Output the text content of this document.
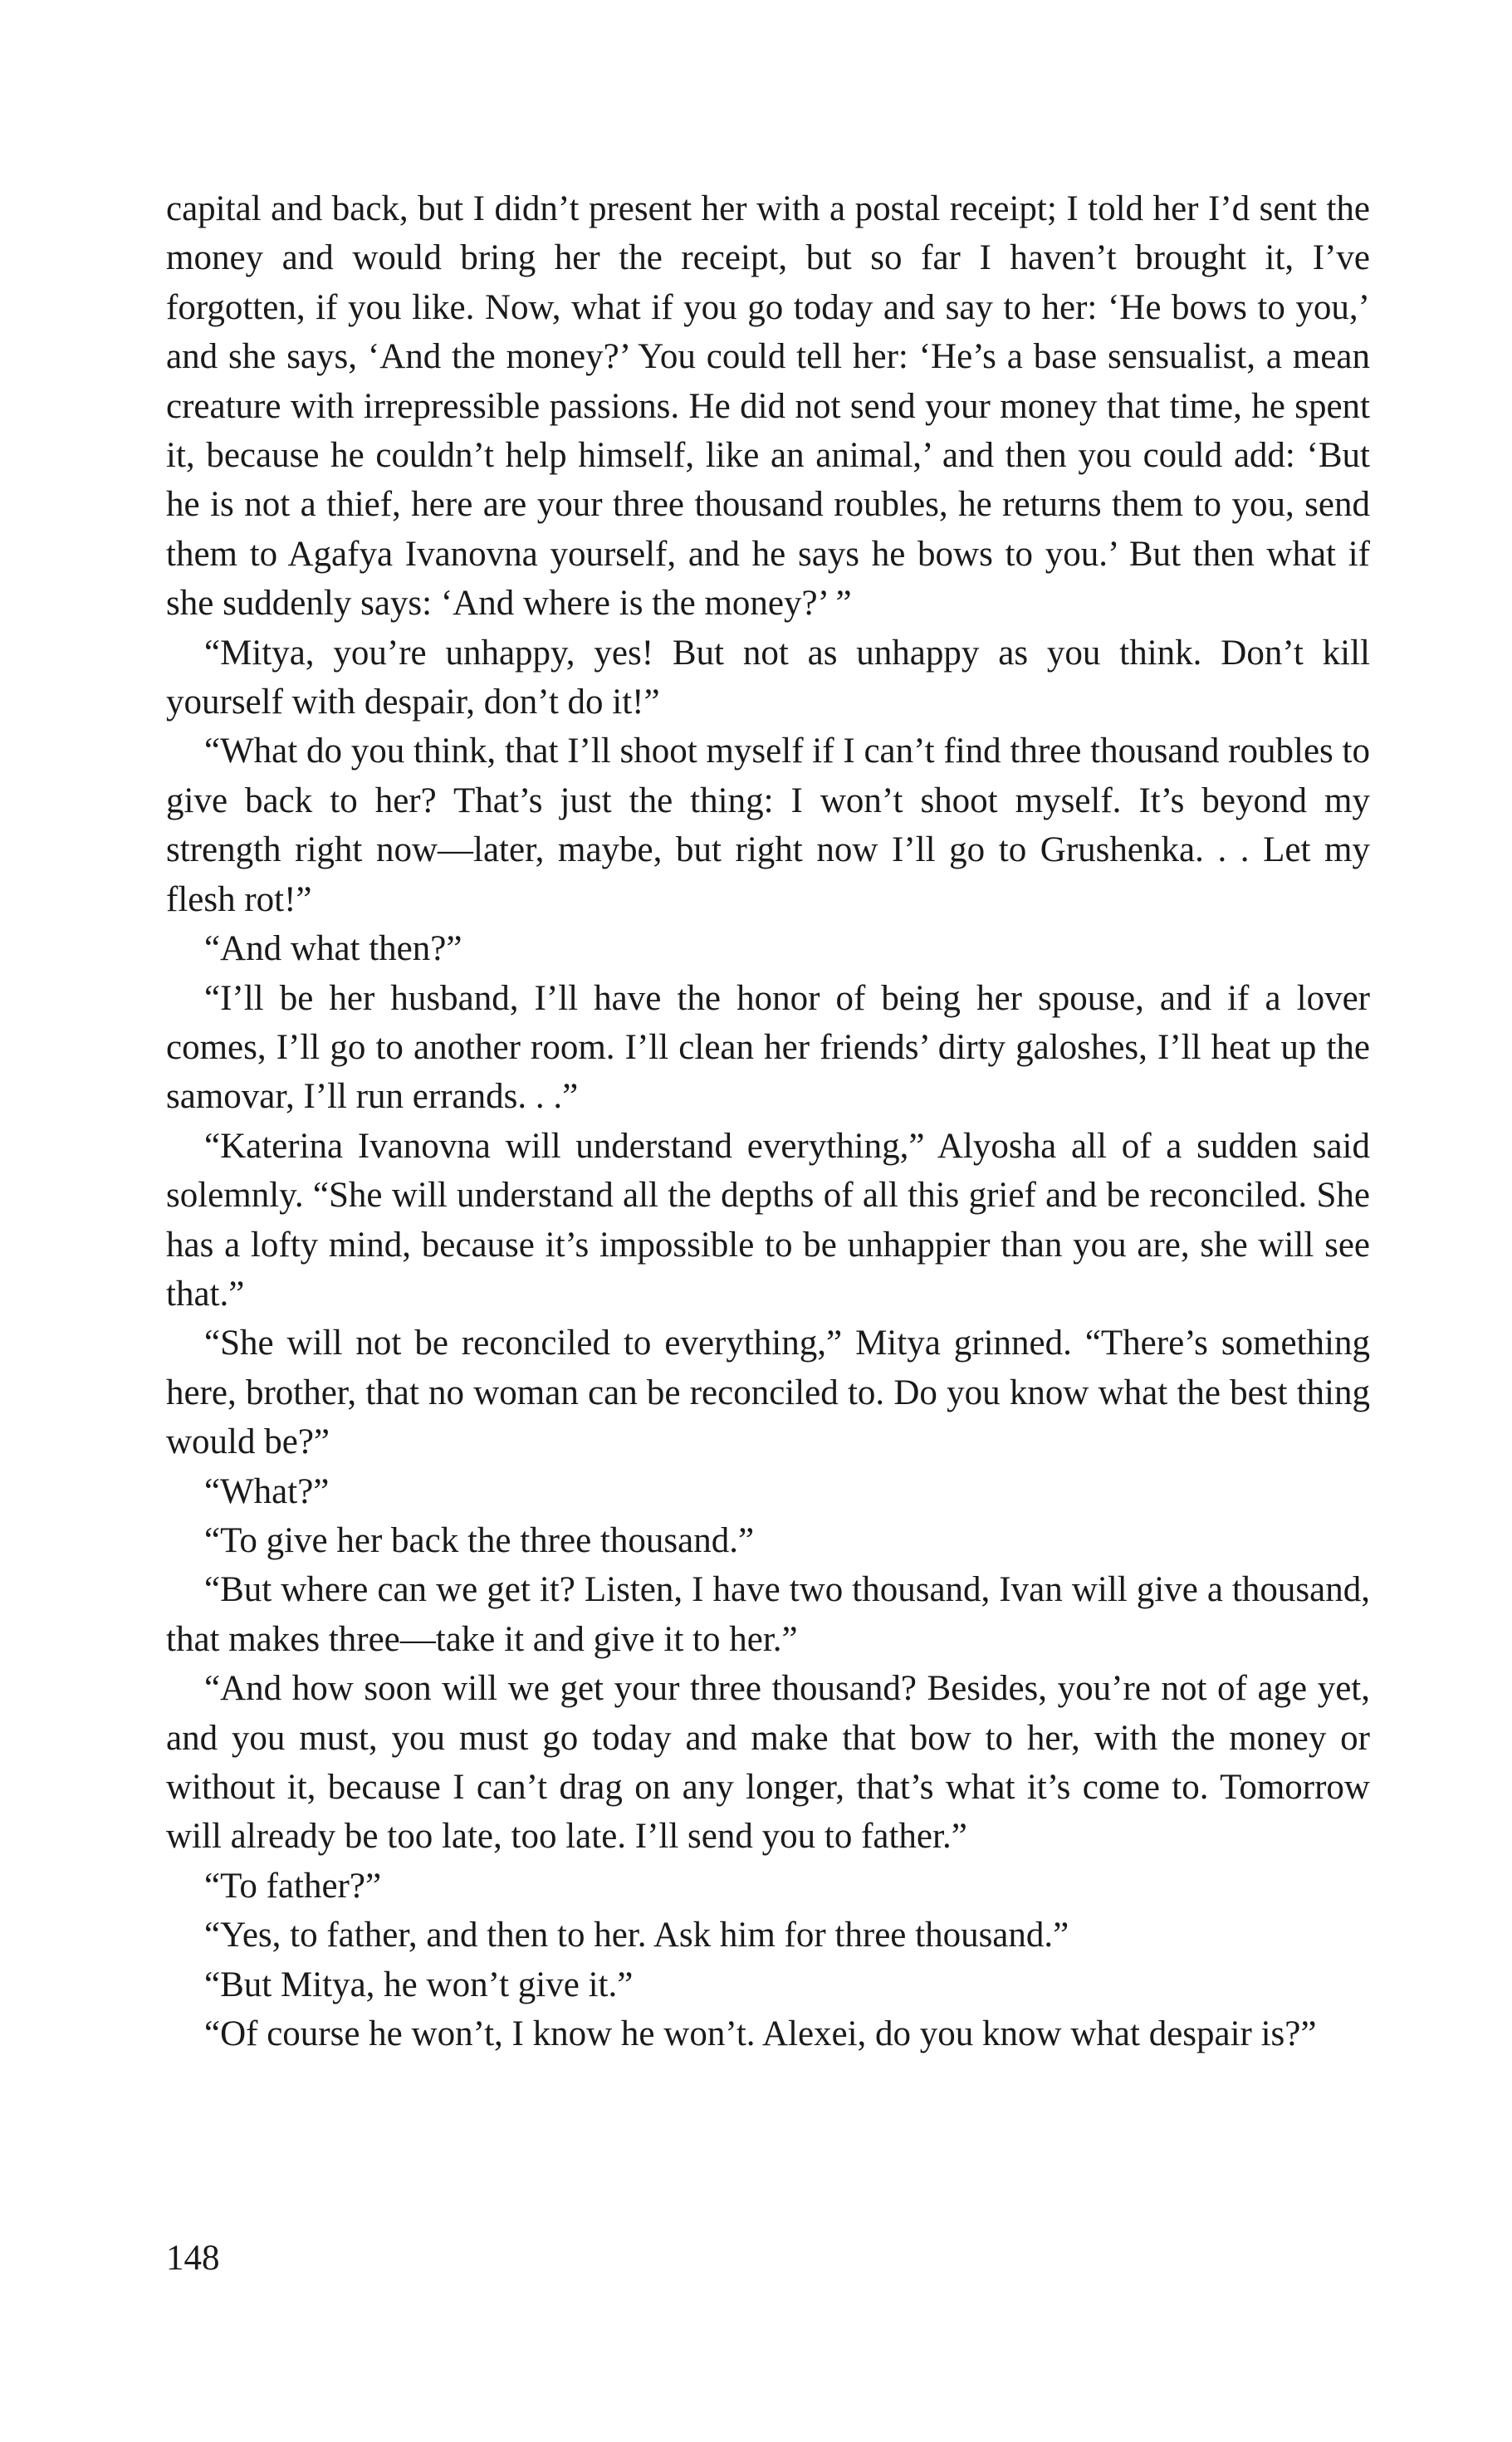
capital and back, but I didn’t present her with a postal receipt; I told her I’d sent the money and would bring her the receipt, but so far I haven’t brought it, I’ve forgotten, if you like. Now, what if you go today and say to her: ‘He bows to you,’ and she says, ‘And the money?’ You could tell her: ‘He’s a base sensualist, a mean creature with irrepressible passions. He did not send your money that time, he spent it, because he couldn’t help himself, like an animal,’ and then you could add: ‘But he is not a thief, here are your three thousand roubles, he returns them to you, send them to Agafya Ivanovna yourself, and he says he bows to you.’ But then what if she suddenly says: ‘And where is the money?’ ”

“Mitya, you’re unhappy, yes! But not as unhappy as you think. Don’t kill yourself with despair, don’t do it!”

“What do you think, that I’ll shoot myself if I can’t find three thousand roubles to give back to her? That’s just the thing: I won’t shoot myself. It’s beyond my strength right now—later, maybe, but right now I’ll go to Grushenka. . . Let my flesh rot!”

“And what then?”

“I’ll be her husband, I’ll have the honor of being her spouse, and if a lover comes, I’ll go to another room. I’ll clean her friends’ dirty galoshes, I’ll heat up the samovar, I’ll run errands. . .”

“Katerina Ivanovna will understand everything,” Alyosha all of a sudden said solemnly. “She will understand all the depths of all this grief and be reconciled. She has a lofty mind, because it’s impossible to be unhappier than you are, she will see that.”

“She will not be reconciled to everything,” Mitya grinned. “There’s something here, brother, that no woman can be reconciled to. Do you know what the best thing would be?”

“What?”

“To give her back the three thousand.”

“But where can we get it? Listen, I have two thousand, Ivan will give a thousand, that makes three—take it and give it to her.”

“And how soon will we get your three thousand? Besides, you’re not of age yet, and you must, you must go today and make that bow to her, with the money or without it, because I can’t drag on any longer, that’s what it’s come to. Tomorrow will already be too late, too late. I’ll send you to father.”

“To father?”

“Yes, to father, and then to her. Ask him for three thousand.”

“But Mitya, he won’t give it.”

“Of course he won’t, I know he won’t. Alexei, do you know what despair is?”

148
